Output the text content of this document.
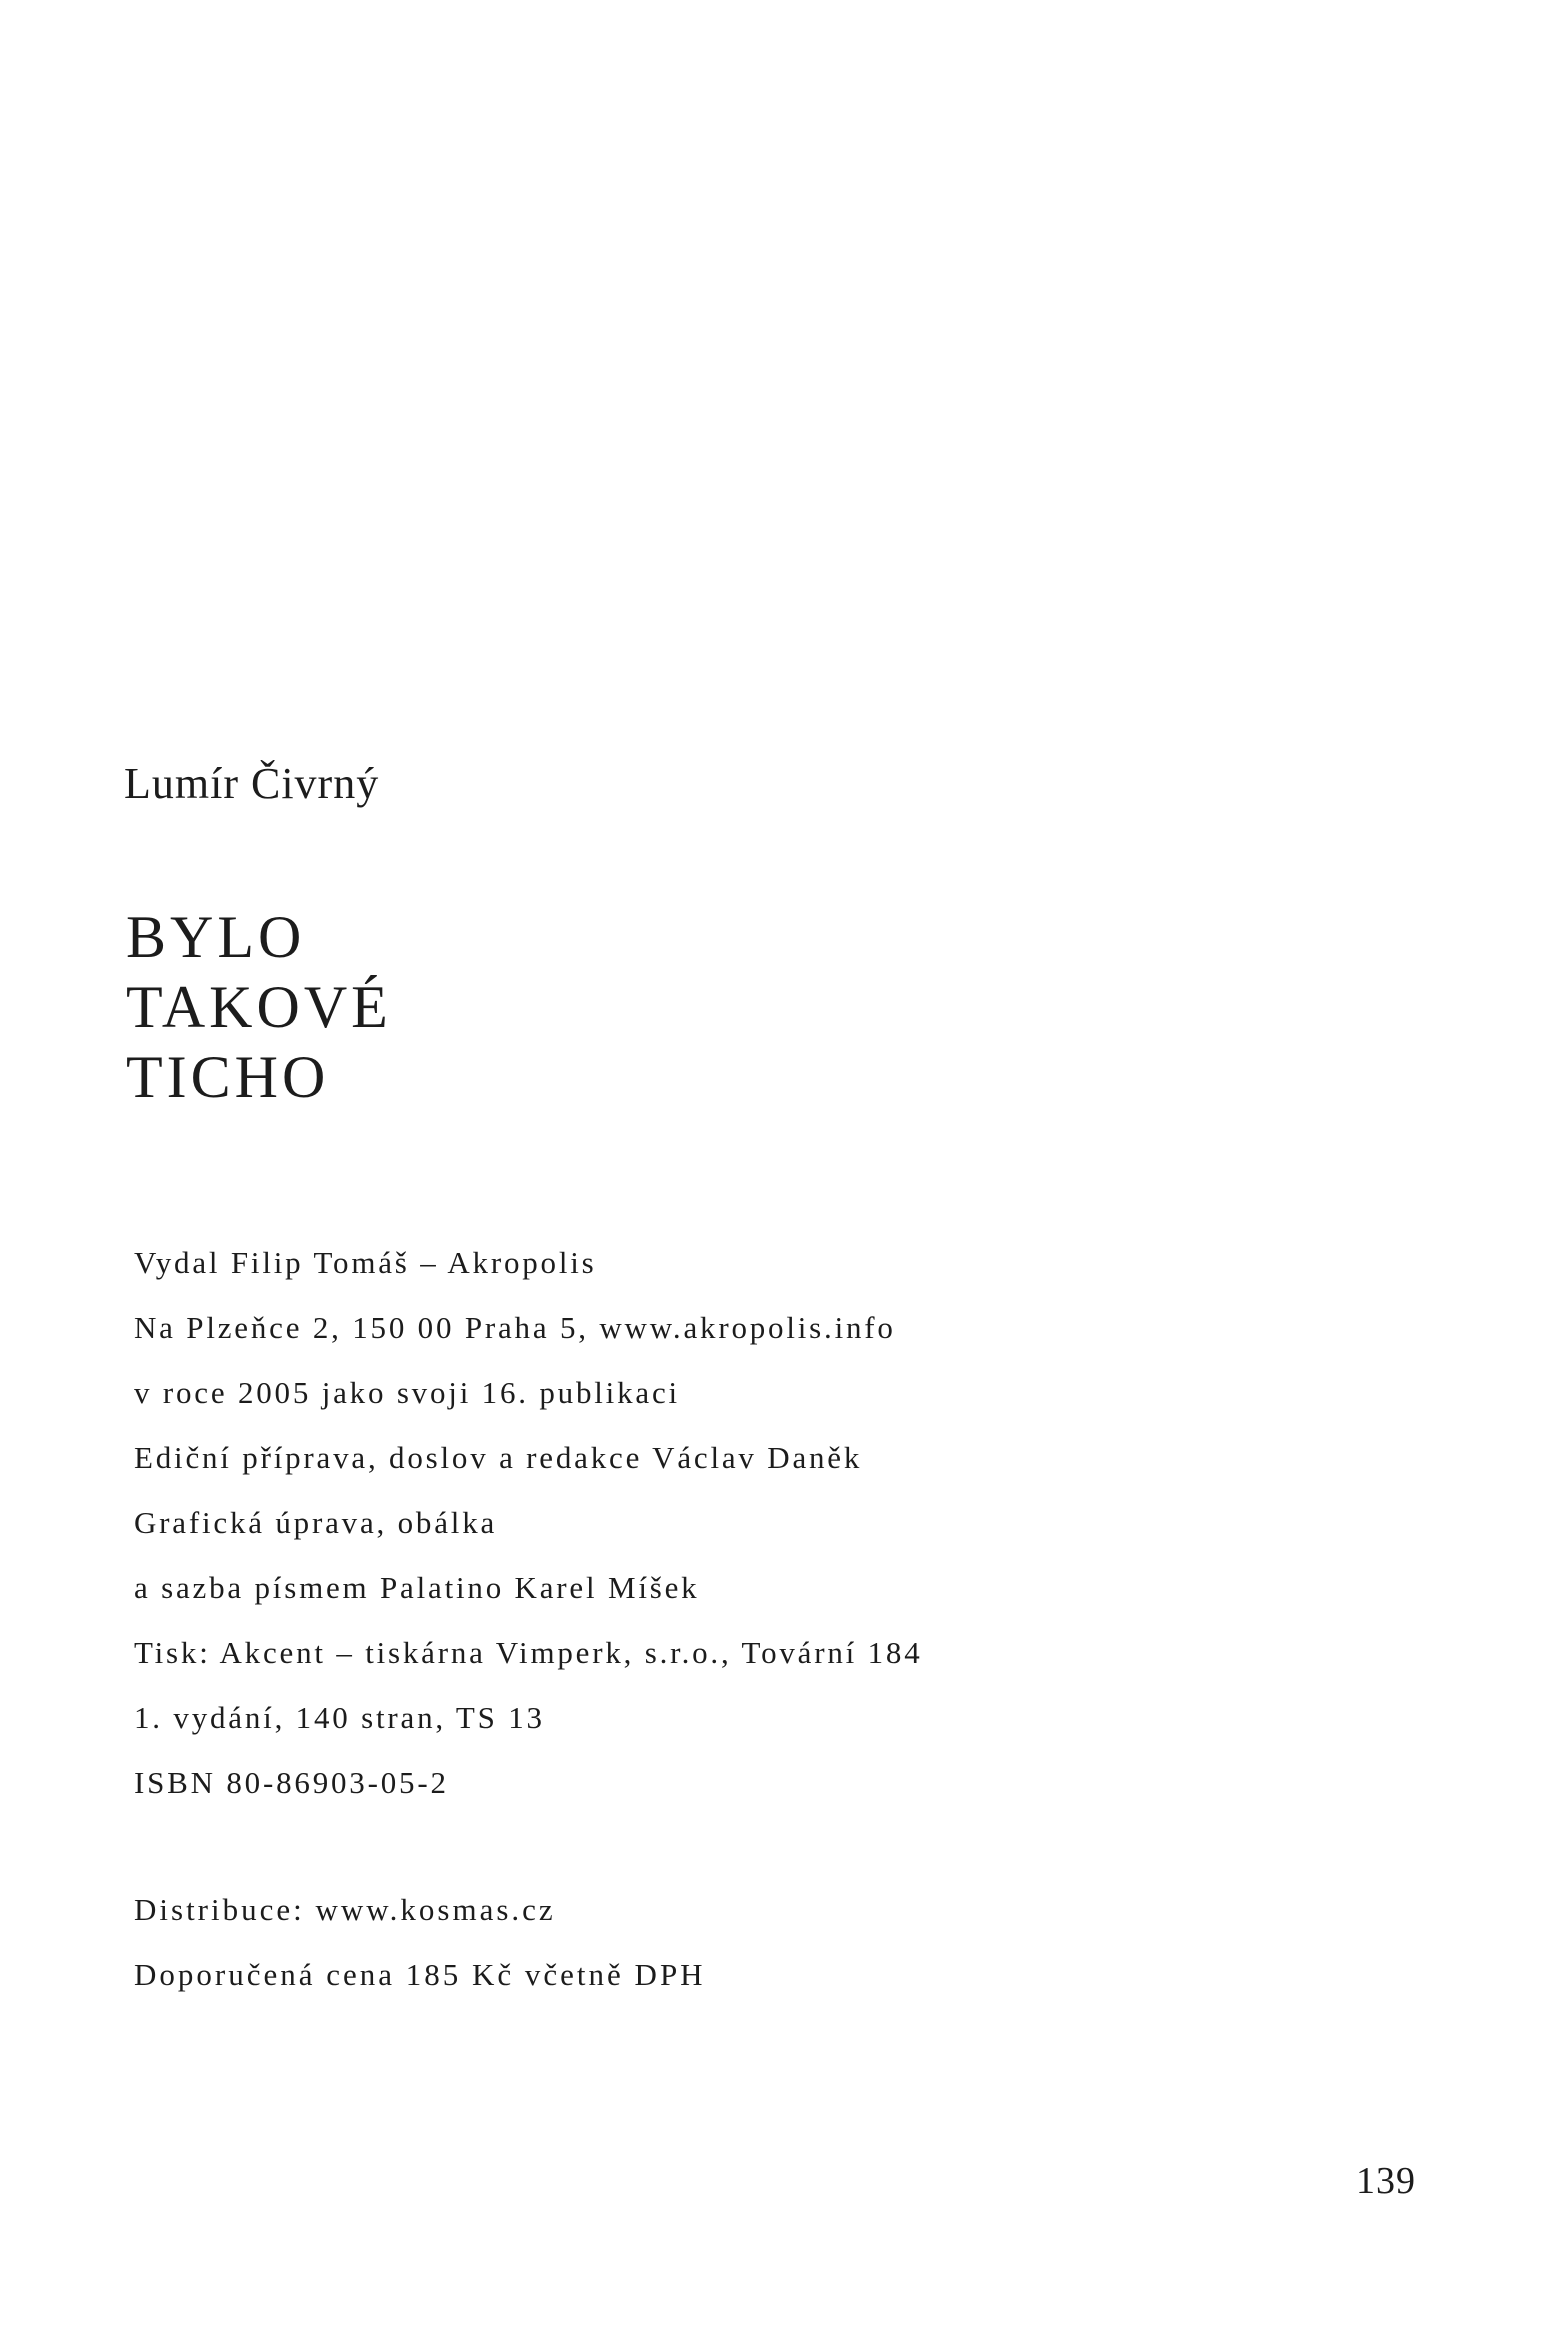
Lumír Čivrný
BYLO
TAKOVÉ
TICHO
Vydal Filip Tomáš – Akropolis
Na Plzeňce 2, 150 00 Praha 5, www.akropolis.info
v roce 2005 jako svoji 16. publikaci
Ediční příprava, doslov a redakce Václav Daněk
Grafická úprava, obálka
a sazba písmem Palatino Karel Míšek
Tisk: Akcent – tiskárna Vimperk, s.r.o., Tovární 184
1. vydání, 140 stran, TS 13
ISBN 80-86903-05-2
Distribuce: www.kosmas.cz
Doporučená cena 185 Kč včetně DPH
139
